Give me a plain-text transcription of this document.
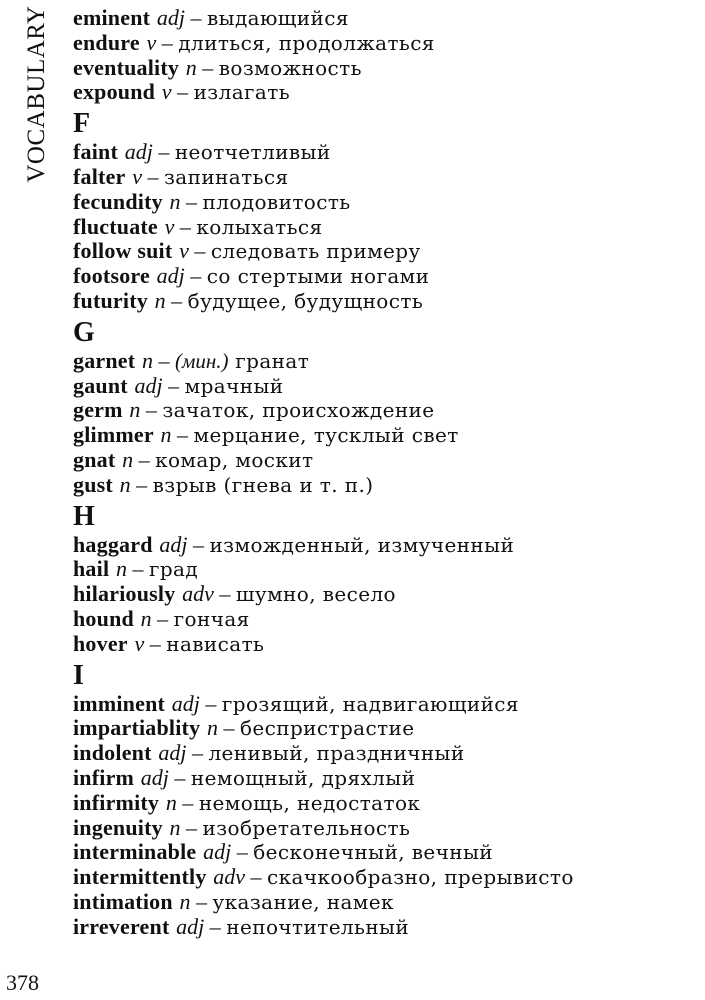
VOCABULARY eminent adj – выдающийся
endure v – длиться, продолжаться
eventuality n – возможность
expound v – излагать
F
faint adj – неотчетливый
falter v – запинаться
fecundity n – плодовитость
fluctuate v – колыхаться
follow suit v – следовать примеру
footsore adj – со стертыми ногами
futurity n – будущее, будущность
G
garnet n – (мин.) гранат
gaunt adj – мрачный
germ n – зачаток, происхождение
glimmer n – мерцание, тусклый свет
gnat n – комар, москит
gust n – взрыв (гнева и т. п.)
H
haggard adj – изможденный, измученный
hail n – град
hilariously adv – шумно, весело
hound n – гончая
hover v – нависать
I
imminent adj – грозящий, надвигающийся
impartiablity n – беспристрастие
indolent adj – ленивый, праздничный
infirm adj – немощный, дряхлый
infirmity n – немощь, недостаток
ingenuity n – изобретательность
interminable adj – бесконечный, вечный
intermittently adv – скачкообразно, прерывисто
intimation n – указание, намек
irreverent adj – непочтительный
378
